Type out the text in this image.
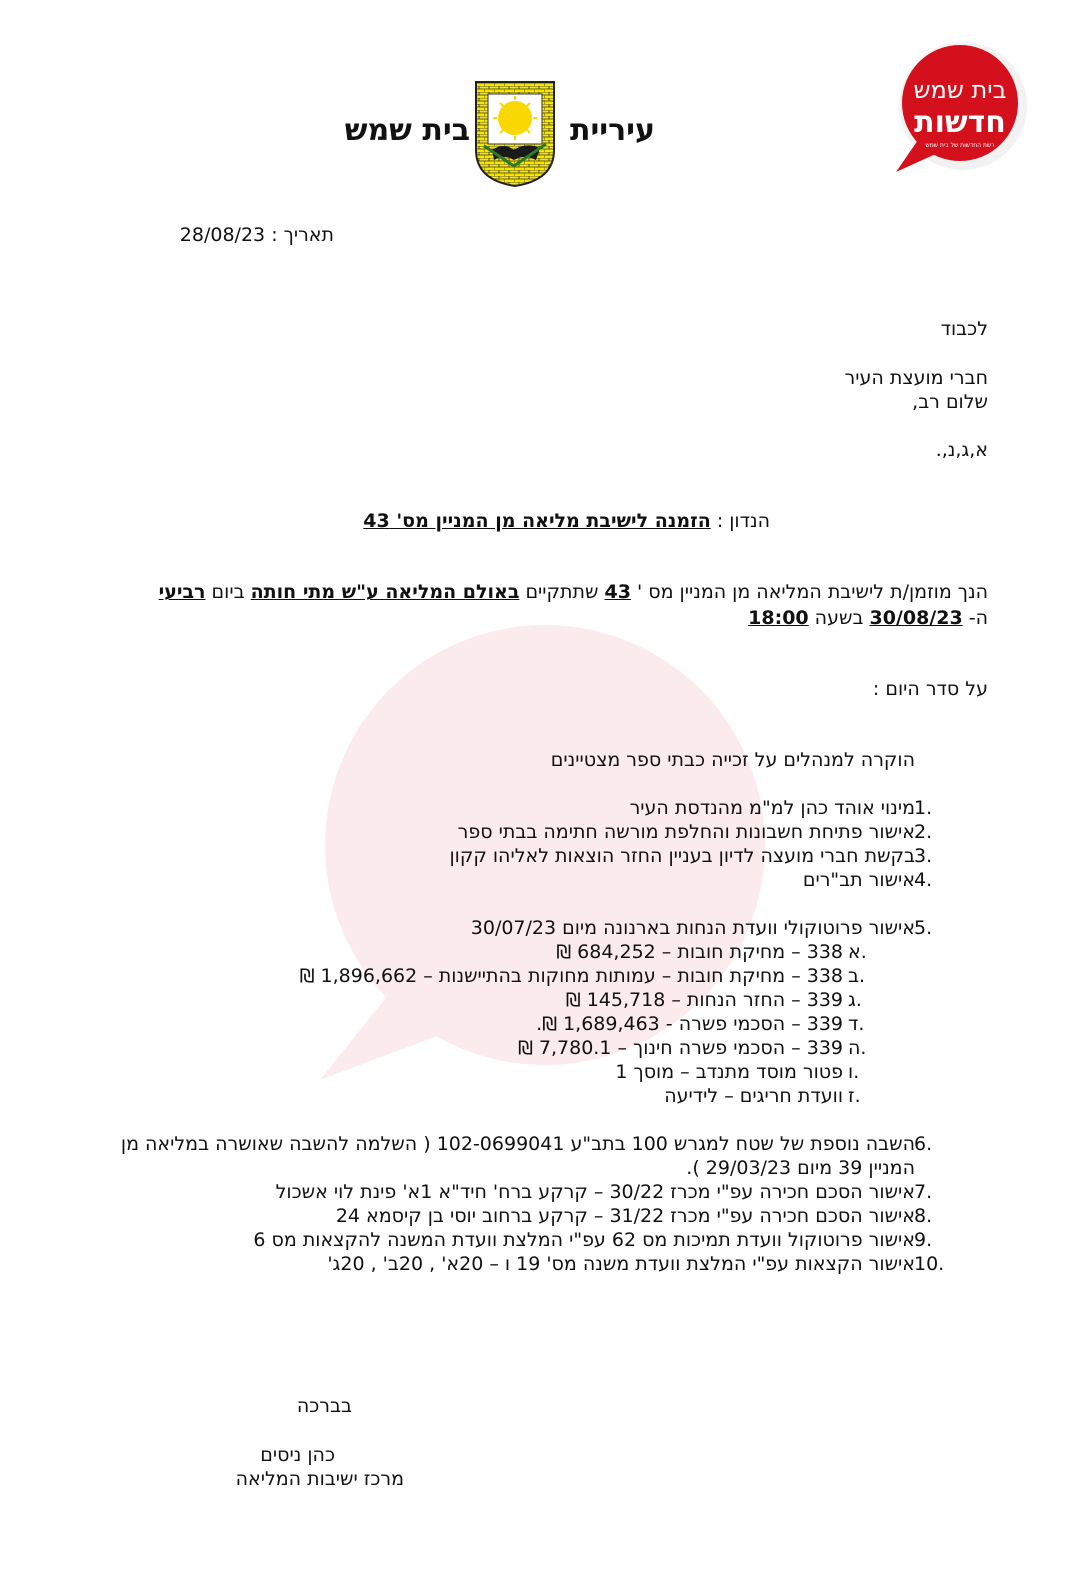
עיריית
בית שמש
בית שמש
חדשות
רשת החדשות של בית שמש
תאריך : 28/08/23
לכבוד
חברי מועצת העיר
שלום רב,
א,ג,נ,.
הנדון : הזמנה לישיבת מליאה מן המניין מס' 43
הנך מוזמן/ת לישיבת המליאה מן המניין מס ' 43 שתתקיים באולם המליאה ע"ש מתי חותה ביום רביעי
ה- 30/08/23 בשעה 18:00
על סדר היום :
הוקרה למנהלים על זכייה כבתי ספר מצטיינים
1.
מינוי אוהד כהן למ"מ מהנדסת העיר
2.
אישור פתיחת חשבונות והחלפת מורשה חתימה בבתי ספר
3.
בקשת חברי מועצה לדיון בעניין החזר הוצאות לאליהו קקון
4.
אישור תב"רים
5.
אישור פרוטוקולי וועדת הנחות בארנונה מיום 30/07/23
א.
338 – מחיקת חובות – 684,252 ₪
ב.
338 – מחיקת חובות – עמותות מחוקות בהתיישנות – 1,896,662 ₪
ג.
339 – החזר הנחות – 145,718 ₪
ד.
339 – הסכמי פשרה - 1,689,463 ₪.
ה.
339 – הסכמי פשרה חינוך – 7,780.1 ₪
ו.
פטור מוסד מתנדב – מוסך 1
ז.
וועדת חריגים – לידיעה
6.
השבה נוספת של שטח למגרש 100 בתב"ע 102-0699041 ( השלמה להשבה שאושרה במליאה מן
המניין 39 מיום 29/03/23 ).
7.
אישור הסכם חכירה עפ"י מכרז 30/22 – קרקע ברח' חיד"א 1א' פינת לוי אשכול
8.
אישור הסכם חכירה עפ"י מכרז 31/22 – קרקע ברחוב יוסי בן קיסמא 24
9.
אישור פרוטוקול וועדת תמיכות מס 62 עפ"י המלצת וועדת המשנה להקצאות מס 6
10.
אישור הקצאות עפ"י המלצת וועדת משנה מס' 19 ו – 20א' , 20ב' , 20ג'
בברכה
כהן ניסים
מרכז ישיבות המליאה
